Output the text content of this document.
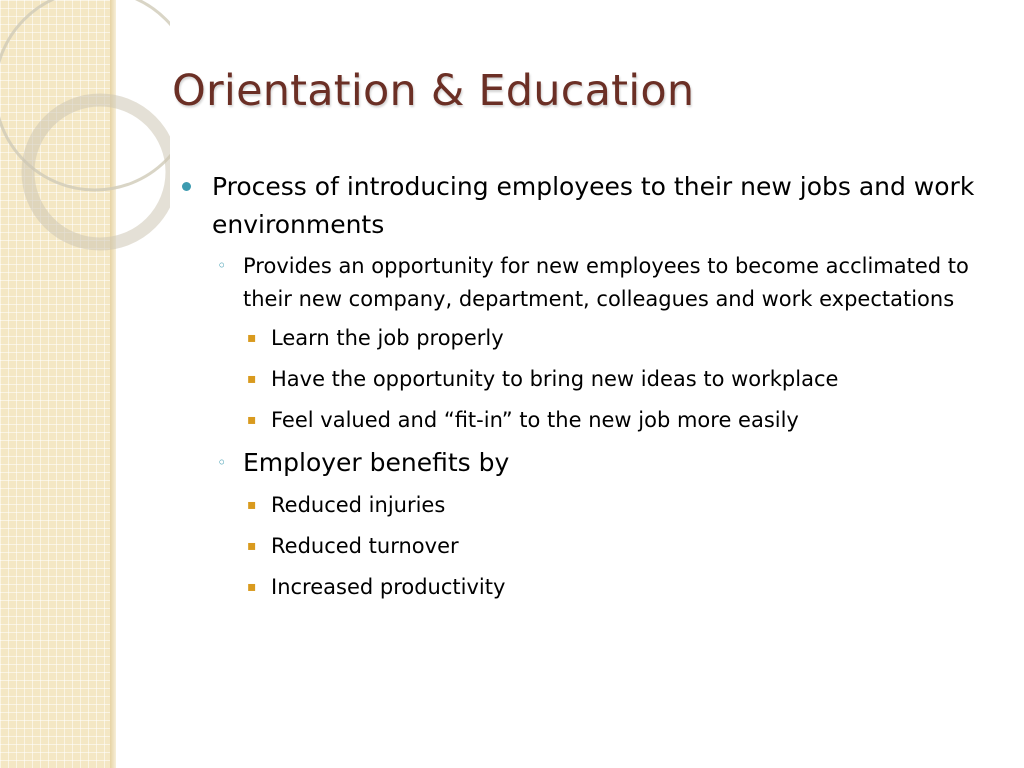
Orientation & Education
Process of introducing employees to their new jobs and work environments
◦ Provides an opportunity for new employees to become acclimated to their new company, department, colleagues and work expectations
▪ Learn the job properly
▪ Have the opportunity to bring new ideas to workplace
▪ Feel valued and “fit-in” to the new job more easily
◦ Employer benefits by
▪ Reduced injuries
▪ Reduced turnover
▪ Increased productivity
